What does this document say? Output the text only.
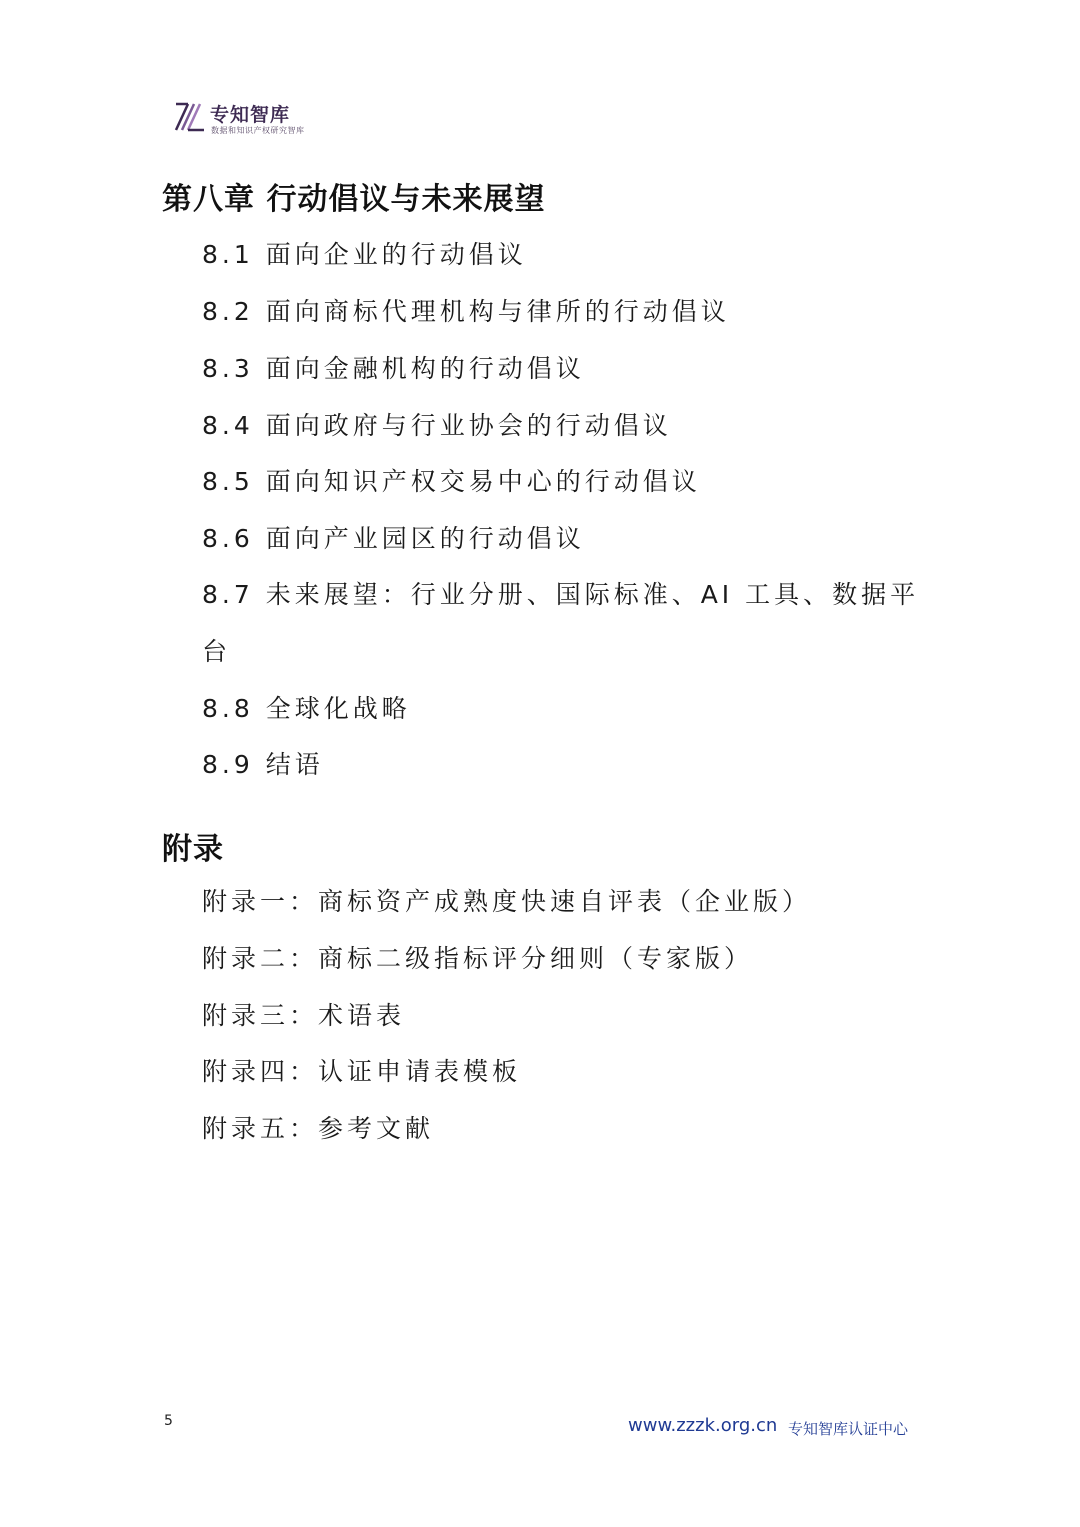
专知智库
数据和知识产权研究智库
第八章 行动倡议与未来展望
8.1 面向企业的行动倡议
8.2 面向商标代理机构与律所的行动倡议
8.3 面向金融机构的行动倡议
8.4 面向政府与行业协会的行动倡议
8.5 面向知识产权交易中心的行动倡议
8.6 面向产业园区的行动倡议
8.7 未来展望：行业分册、国际标准、AI 工具、数据平台
8.8 全球化战略
8.9 结语
附录
附录一：商标资产成熟度快速自评表（企业版）
附录二：商标二级指标评分细则（专家版）
附录三：术语表
附录四：认证申请表模板
附录五：参考文献
5	www.zzzk.org.cn 专知智库认证中心
